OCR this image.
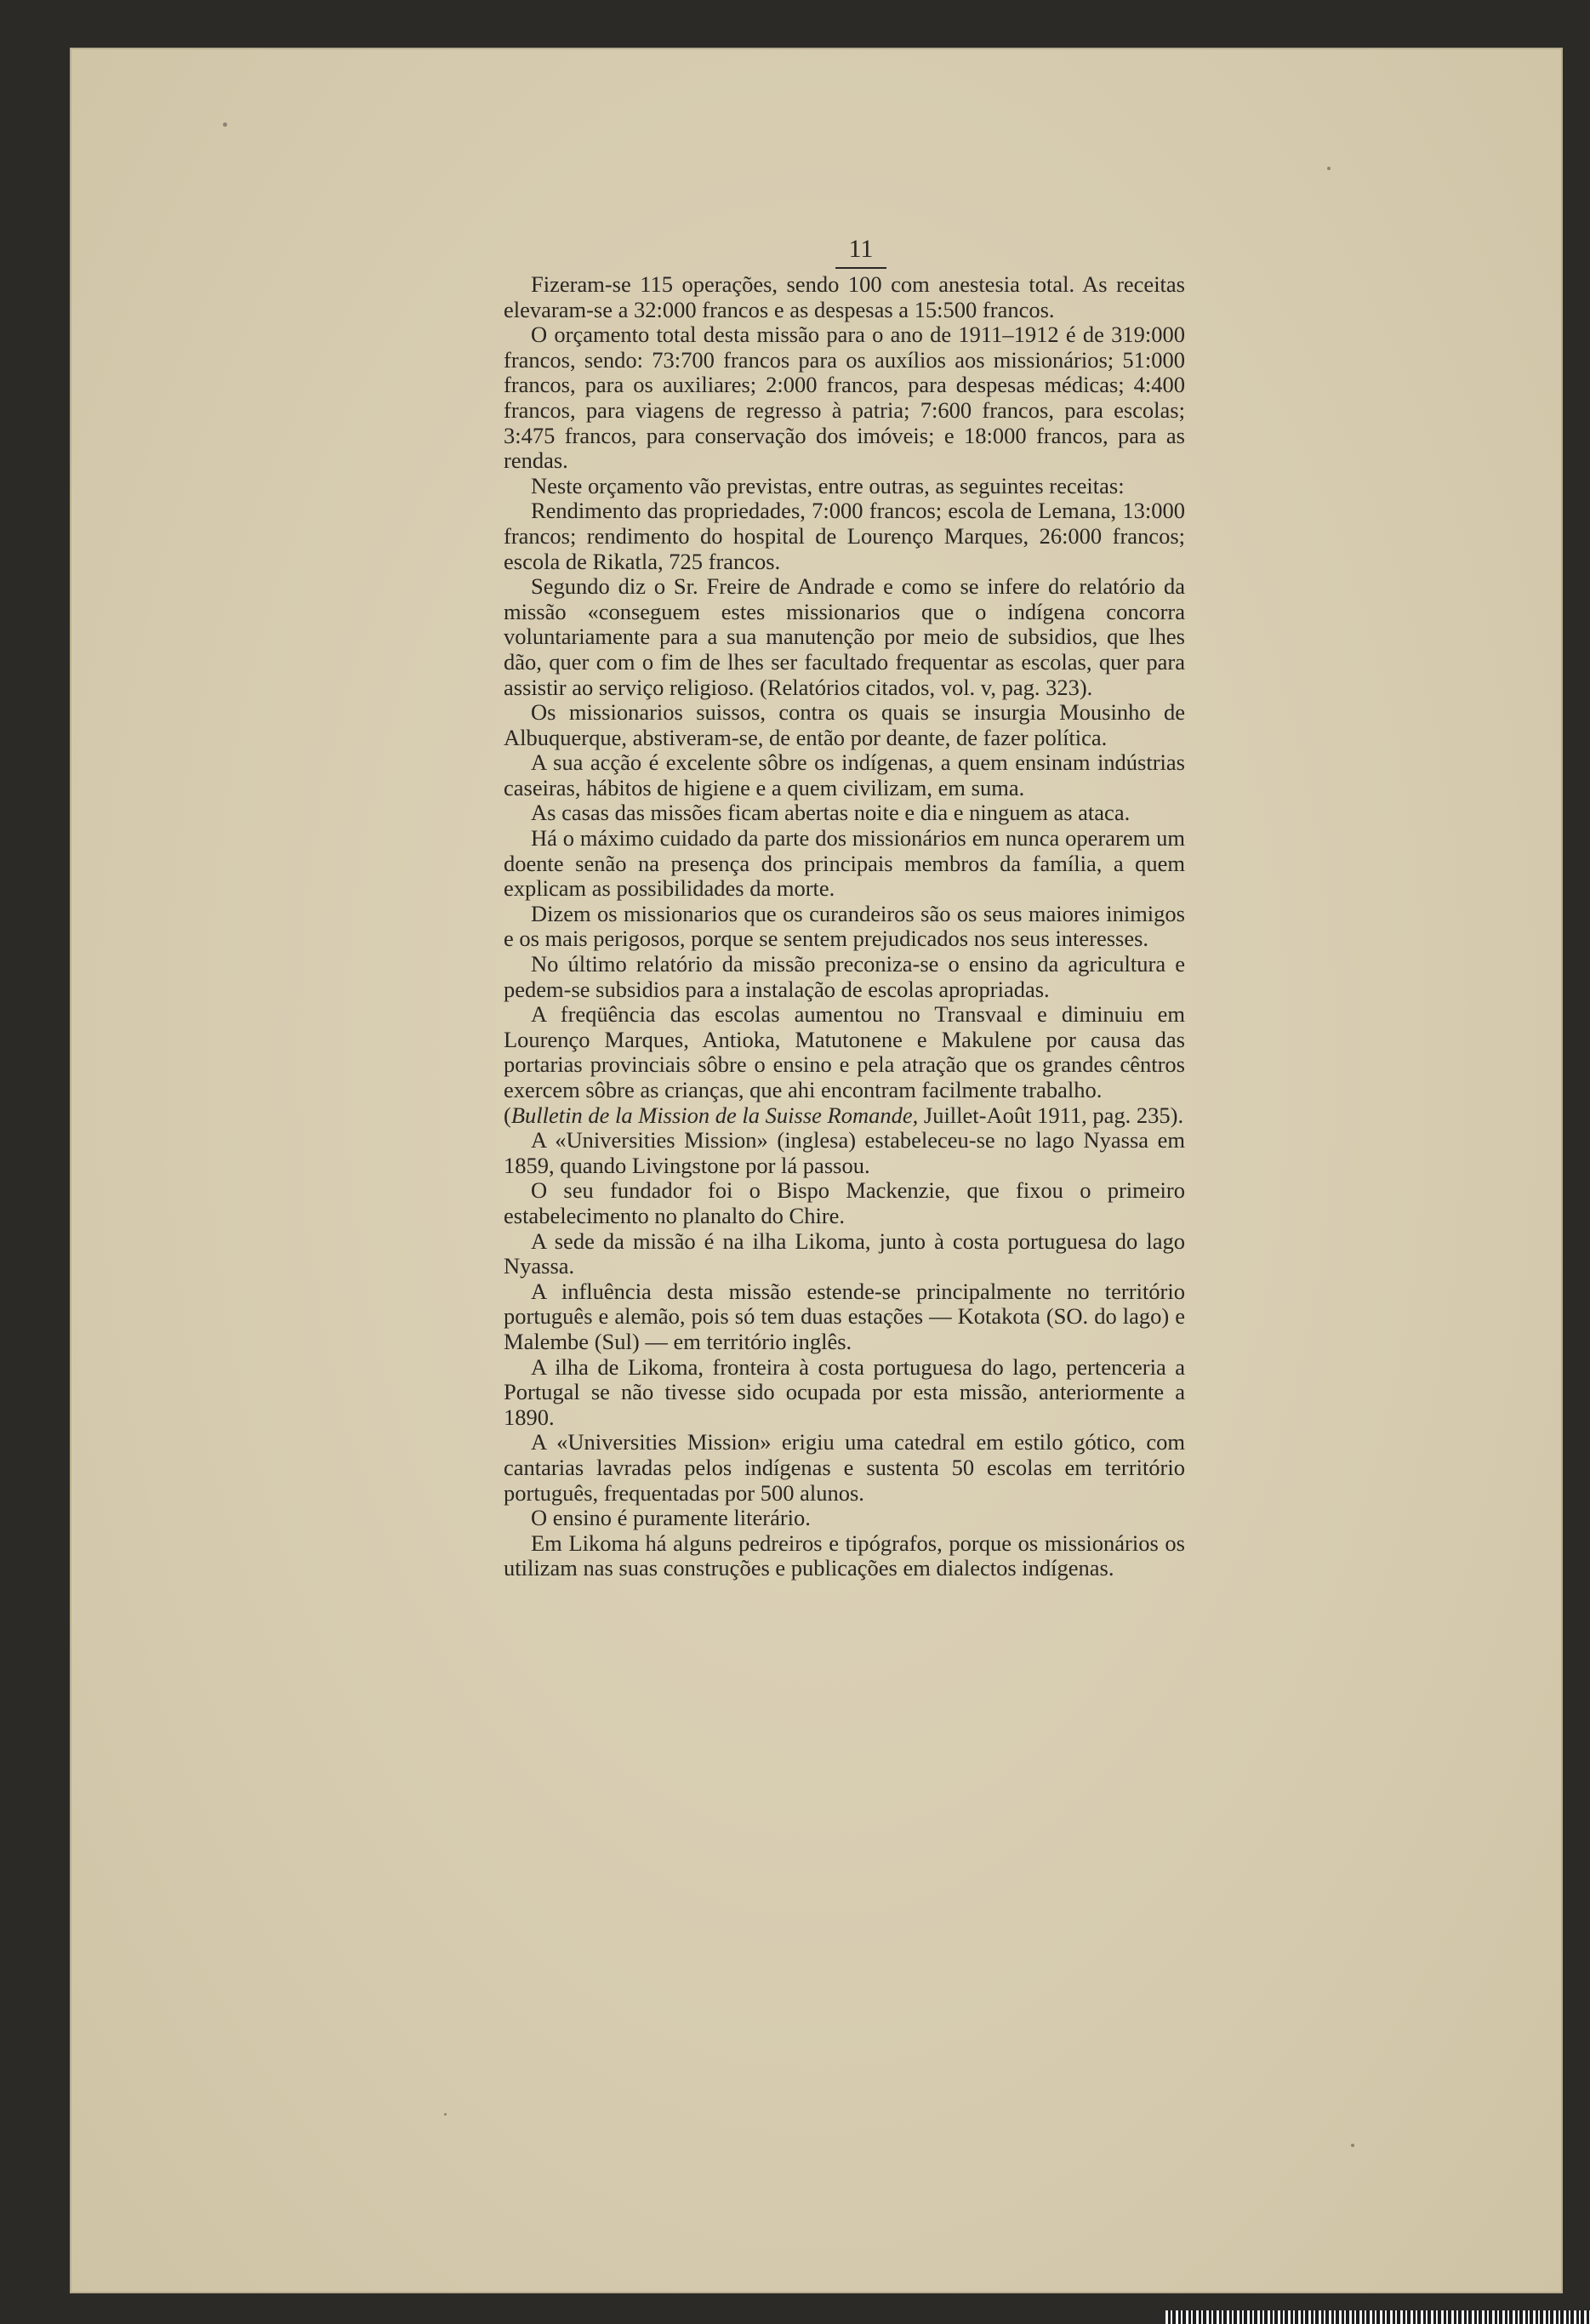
11

Fizeram-se 115 operações, sendo 100 com anestesia total. As receitas elevaram-se a 32:000 francos e as despesas a 15:500 francos.

O orçamento total desta missão para o ano de 1911–1912 é de 319:000 francos, sendo: 73:700 francos para os auxílios aos missionários; 51:000 francos, para os auxiliares; 2:000 francos, para despesas médicas; 4:400 francos, para viagens de regresso à patria; 7:600 francos, para escolas; 3:475 francos, para conservação dos imóveis; e 18:000 francos, para as rendas.

Neste orçamento vão previstas, entre outras, as seguintes receitas:

Rendimento das propriedades, 7:000 francos; escola de Lemana, 13:000 francos; rendimento do hospital de Lourenço Marques, 26:000 francos; escola de Rikatla, 725 francos.

Segundo diz o Sr. Freire de Andrade e como se infere do relatório da missão «conseguem estes missionarios que o indígena concorra voluntariamente para a sua manutenção por meio de subsidios, que lhes dão, quer com o fim de lhes ser facultado frequentar as escolas, quer para assistir ao serviço religioso. (Relatórios citados, vol. v, pag. 323).

Os missionarios suissos, contra os quais se insurgia Mousinho de Albuquerque, abstiveram-se, de então por deante, de fazer política.

A sua acção é excelente sôbre os indígenas, a quem ensinam indústrias caseiras, hábitos de higiene e a quem civilizam, em suma.

As casas das missões ficam abertas noite e dia e ninguem as ataca.

Há o máximo cuidado da parte dos missionários em nunca operarem um doente senão na presença dos principais membros da família, a quem explicam as possibilidades da morte.

Dizem os missionarios que os curandeiros são os seus maiores inimigos e os mais perigosos, porque se sentem prejudicados nos seus interesses.

No último relatório da missão preconiza-se o ensino da agricultura e pedem-se subsidios para a instalação de escolas apropriadas.

A freqüência das escolas aumentou no Transvaal e diminuiu em Lourenço Marques, Antioka, Matutonene e Makulene por causa das portarias provinciais sôbre o ensino e pela atração que os grandes cêntros exercem sôbre as crianças, que ahi encontram facilmente trabalho.

(Bulletin de la Mission de la Suisse Romande, Juillet-Août 1911, pag. 235).

A «Universities Mission» (inglesa) estabeleceu-se no lago Nyassa em 1859, quando Livingstone por lá passou.

O seu fundador foi o Bispo Mackenzie, que fixou o primeiro estabelecimento no planalto do Chire.

A sede da missão é na ilha Likoma, junto à costa portuguesa do lago Nyassa.

A influência desta missão estende-se principalmente no território português e alemão, pois só tem duas estações — Kotakota (SO. do lago) e Malembe (Sul) — em território inglês.

A ilha de Likoma, fronteira à costa portuguesa do lago, pertenceria a Portugal se não tivesse sido ocupada por esta missão, anteriormente a 1890.

A «Universities Mission» erigiu uma catedral em estilo gótico, com cantarias lavradas pelos indígenas e sustenta 50 escolas em território português, frequentadas por 500 alunos.

O ensino é puramente literário.

Em Likoma há alguns pedreiros e tipógrafos, porque os missionários os utilizam nas suas construções e publicações em dialectos indígenas.
